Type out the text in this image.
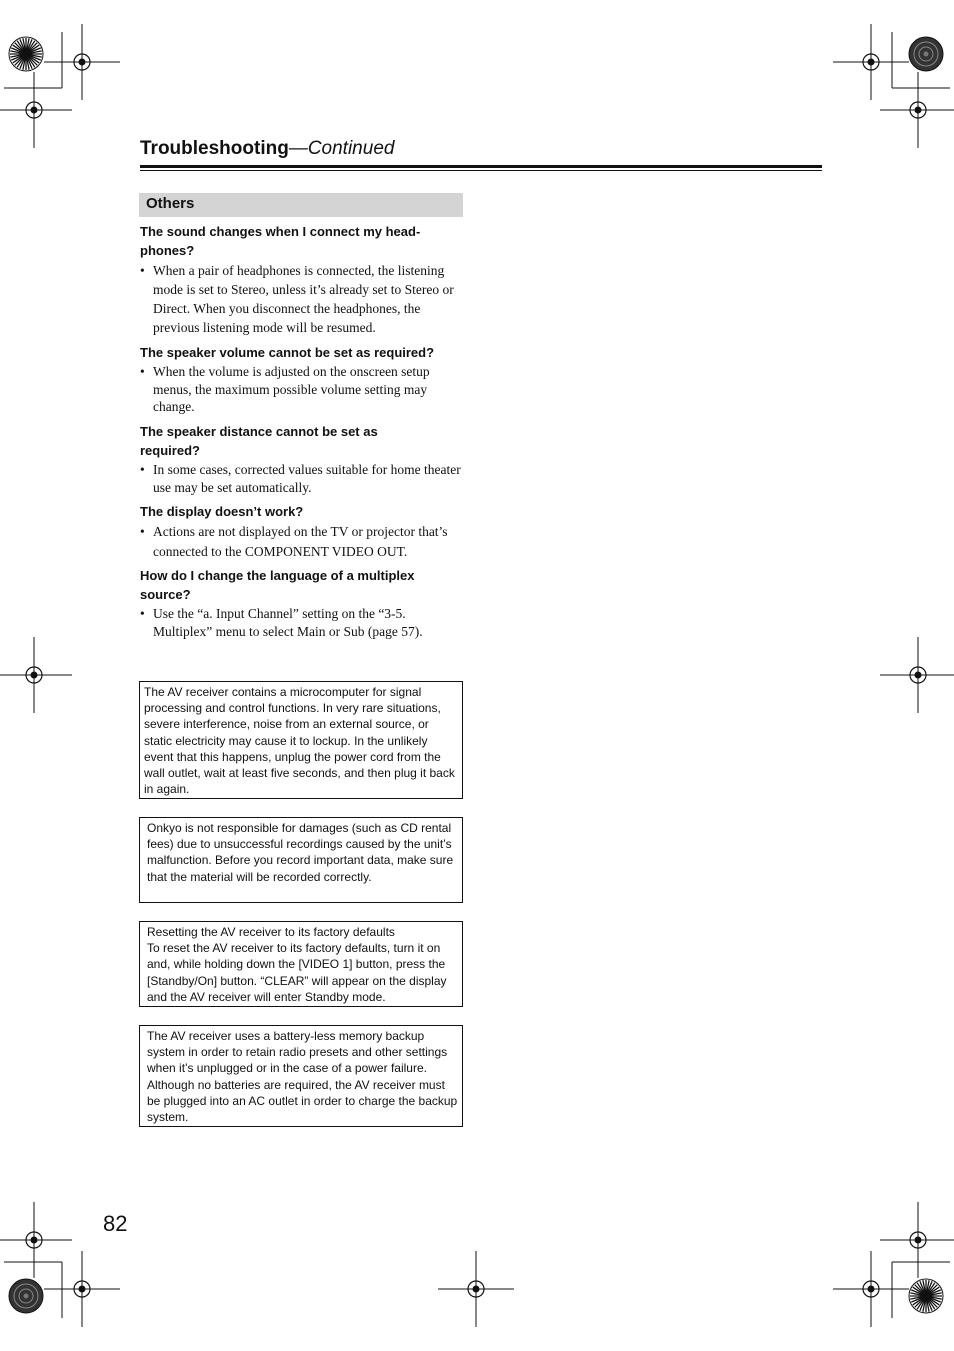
Troubleshooting—Continued
Others
The sound changes when I connect my head-
phones?
• When a pair of headphones is connected, the listening mode is set to Stereo, unless it’s already set to Stereo or Direct. When you disconnect the headphones, the previous listening mode will be resumed.
The speaker volume cannot be set as required?
• When the volume is adjusted on the onscreen setup menus, the maximum possible volume setting may change.
The speaker distance cannot be set as
required?
• In some cases, corrected values suitable for home theater use may be set automatically.
The display doesn’t work?
• Actions are not displayed on the TV or projector that’s connected to the COMPONENT VIDEO OUT.
How do I change the language of a multiplex
source?
• Use the “a. Input Channel” setting on the “3-5. Multiplex” menu to select Main or Sub (page 57).
The AV receiver contains a microcomputer for signal processing and control functions. In very rare situations, severe interference, noise from an external source, or static electricity may cause it to lockup. In the unlikely event that this happens, unplug the power cord from the wall outlet, wait at least five seconds, and then plug it back in again.
Onkyo is not responsible for damages (such as CD rental fees) due to unsuccessful recordings caused by the unit’s malfunction. Before you record important data, make sure that the material will be recorded correctly.
Resetting the AV receiver to its factory defaults
To reset the AV receiver to its factory defaults, turn it on and, while holding down the [VIDEO 1] button, press the [Standby/On] button. “CLEAR” will appear on the display and the AV receiver will enter Standby mode.
The AV receiver uses a battery-less memory backup system in order to retain radio presets and other settings when it’s unplugged or in the case of a power failure. Although no batteries are required, the AV receiver must be plugged into an AC outlet in order to charge the backup system.
82
